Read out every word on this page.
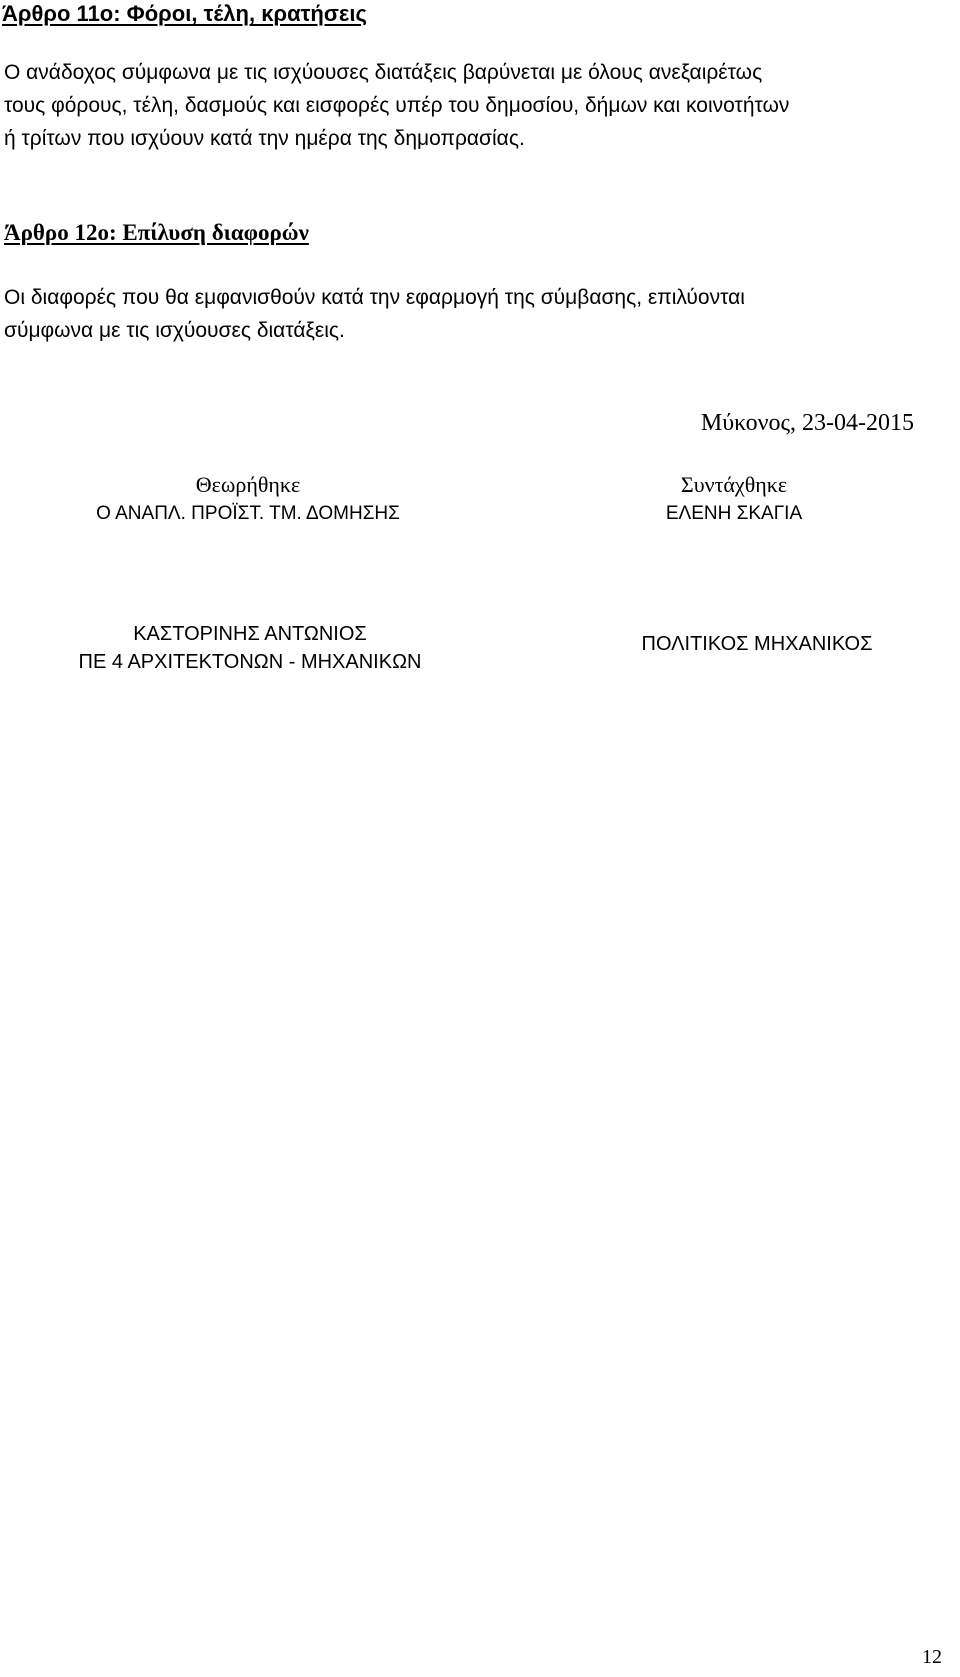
Άρθρο 11ο: Φόροι, τέλη, κρατήσεις
Ο ανάδοχος σύμφωνα με τις ισχύουσες διατάξεις βαρύνεται με όλους ανεξαιρέτως
τους φόρους, τέλη, δασμούς και εισφορές υπέρ του δημοσίου, δήμων και κοινοτήτων
ή τρίτων που ισχύουν κατά την ημέρα της δημοπρασίας.
Άρθρο 12ο: Επίλυση διαφορών
Οι διαφορές που θα εμφανισθούν κατά την εφαρμογή της σύμβασης, επιλύονται
σύμφωνα με τις ισχύουσες διατάξεις.
Μύκονος, 23-04-2015
Θεωρήθηκε
Ο ΑΝΑΠΛ. ΠΡΟΪΣΤ. ΤΜ. ΔΟΜΗΣΗΣ
Συντάχθηκε
ΕΛΕΝΗ ΣΚΑΓΙΑ
ΚΑΣΤΟΡΙΝΗΣ ΑΝΤΩΝΙΟΣ
ΠΕ 4 ΑΡΧΙΤΕΚΤΟΝΩΝ - ΜΗΧΑΝΙΚΩΝ
ΠΟΛΙΤΙΚΟΣ ΜΗΧΑΝΙΚΟΣ
12
